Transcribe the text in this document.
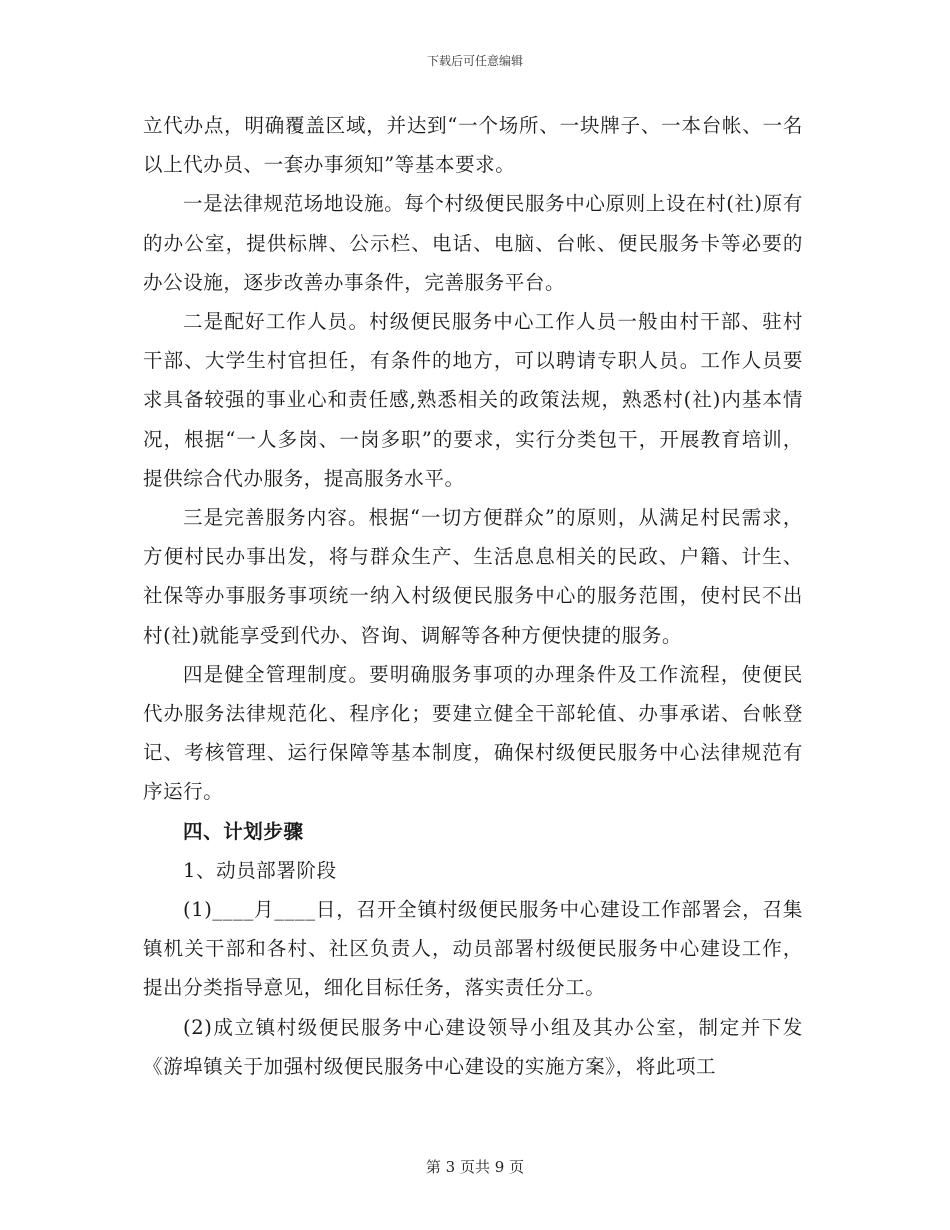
下载后可任意编辑

立代办点，明确覆盖区域，并达到“一个场所、一块牌子、一本台帐、一名以上代办员、一套办事须知”等基本要求。

一是法律规范场地设施。每个村级便民服务中心原则上设在村(社)原有的办公室，提供标牌、公示栏、电话、电脑、台帐、便民服务卡等必要的办公设施，逐步改善办事条件，完善服务平台。

二是配好工作人员。村级便民服务中心工作人员一般由村干部、驻村干部、大学生村官担任，有条件的地方，可以聘请专职人员。工作人员要求具备较强的事业心和责任感,熟悉相关的政策法规，熟悉村(社)内基本情况，根据“一人多岗、一岗多职”的要求，实行分类包干，开展教育培训，提供综合代办服务，提高服务水平。

三是完善服务内容。根据“一切方便群众”的原则，从满足村民需求，方便村民办事出发，将与群众生产、生活息息相关的民政、户籍、计生、社保等办事服务事项统一纳入村级便民服务中心的服务范围，使村民不出村(社)就能享受到代办、咨询、调解等各种方便快捷的服务。

四是健全管理制度。要明确服务事项的办理条件及工作流程，使便民代办服务法律规范化、程序化；要建立健全干部轮值、办事承诺、台帐登记、考核管理、运行保障等基本制度，确保村级便民服务中心法律规范有序运行。

四、计划步骤

1、动员部署阶段

(1)____月____日，召开全镇村级便民服务中心建设工作部署会，召集镇机关干部和各村、社区负责人，动员部署村级便民服务中心建设工作，提出分类指导意见，细化目标任务，落实责任分工。

(2)成立镇村级便民服务中心建设领导小组及其办公室，制定并下发《游埠镇关于加强村级便民服务中心建设的实施方案》，将此项工

第 3 页共 9 页
